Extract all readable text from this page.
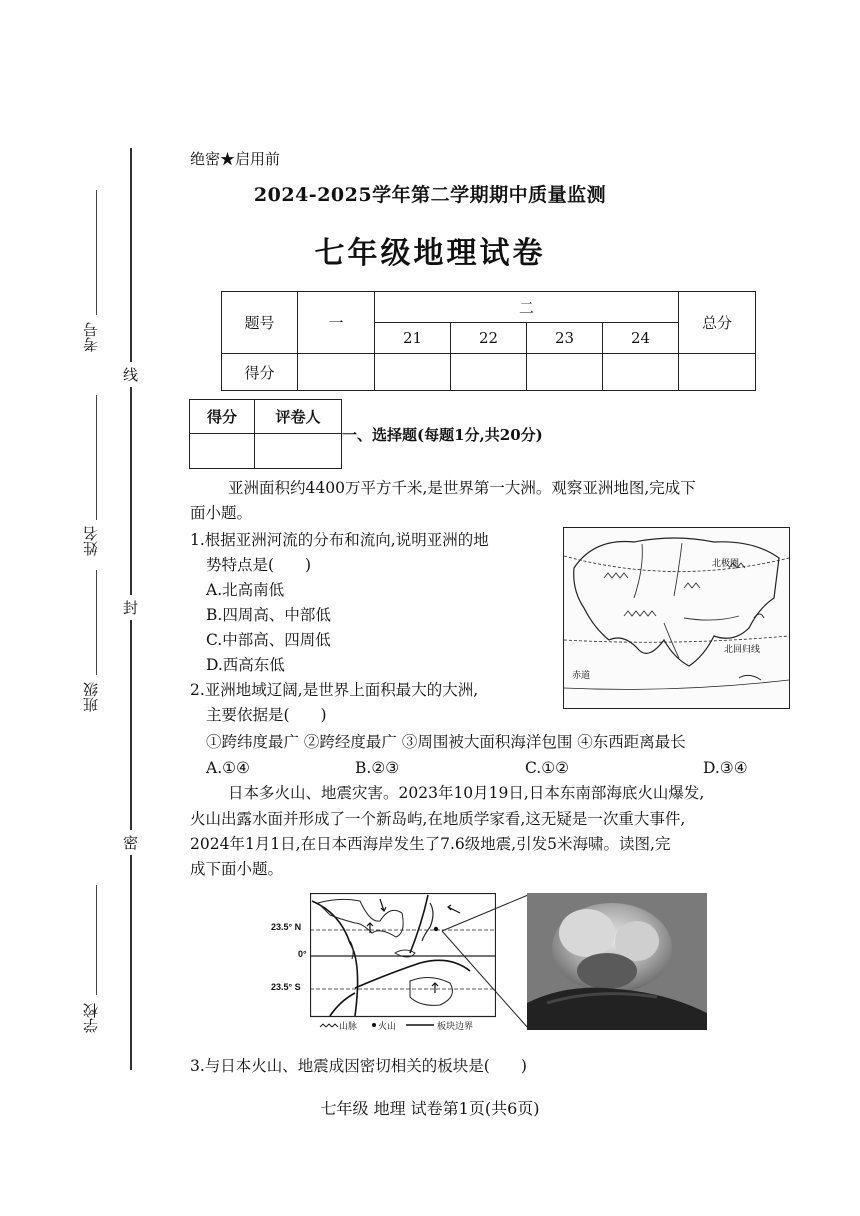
线
封
密
考号
姓名
班级
学校
绝密★启用前
2024-2025学年第二学期期中质量监测
七年级地理试卷
题号	一	二				总分
		21	22	23	24	
得分						
得分	评卷人

一、选择题(每题1分,共20分)
亚洲面积约4400万平方千米,是世界第一大洲。观察亚洲地图,完成下
面小题。
1.根据亚洲河流的分布和流向,说明亚洲的地
势特点是(　　)
A.北高南低
B.四周高、中部低
C.中部高、四周低
D.西高东低
北极圈
北回归线
赤道
2.亚洲地域辽阔,是世界上面积最大的大洲,
主要依据是(　　)
①跨纬度最广 ②跨经度最广 ③周围被大面积海洋包围 ④东西距离最长
A.①④	B.②③	C.①②	D.③④
日本多火山、地震灾害。2023年10月19日,日本东南部海底火山爆发,
火山出露水面并形成了一个新岛屿,在地质学家看,这无疑是一次重大事件,
2024年1月1日,在日本西海岸发生了7.6级地震,引发5米海啸。读图,完
成下面小题。
23.5° N
0°
23.5° S
山脉 火山	板块边界
3.与日本火山、地震成因密切相关的板块是(　　)
七年级 地理 试卷第1页(共6页)
